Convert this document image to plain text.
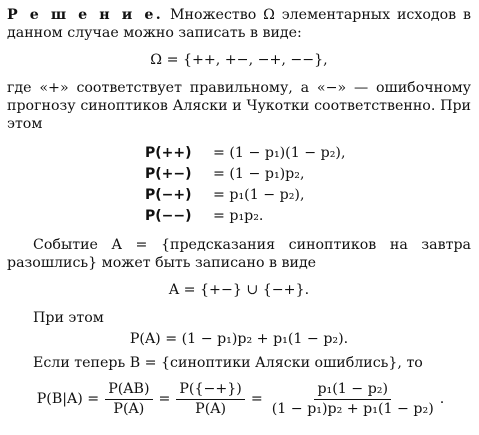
Р е ш е н и е. Множество Ω элементарных исходов в данном случае можно записать в виде:

Ω = {++, +−, −+, −−},

где «+» соответствует правильному, а «−» — ошибочному прогнозу синоптиков Аляски и Чукотки соответственно. При этом

P(++)	= (1 − p₁)(1 − p₂),
P(+−)	= (1 − p₁)p₂,
P(−+)	= p₁(1 − p₂),
P(−−)	= p₁p₂.

Событие A = {предсказания синоптиков на завтра разошлись} может быть записано в виде

A = {+−} ∪ {−+}.

При этом

P(A) = (1 − p₁)p₂ + p₁(1 − p₂).

Если теперь B = {синоптики Аляски ошиблись}, то

$P(B|A) = \frac{P(AB)}{P(A)} = \frac{P(\{-+\})}{P(A)} = \frac{\text{p₁(1 − p₂)}}{\text{(1 − p₁)p₂ + p₁(1 − p₂)}}$ .
